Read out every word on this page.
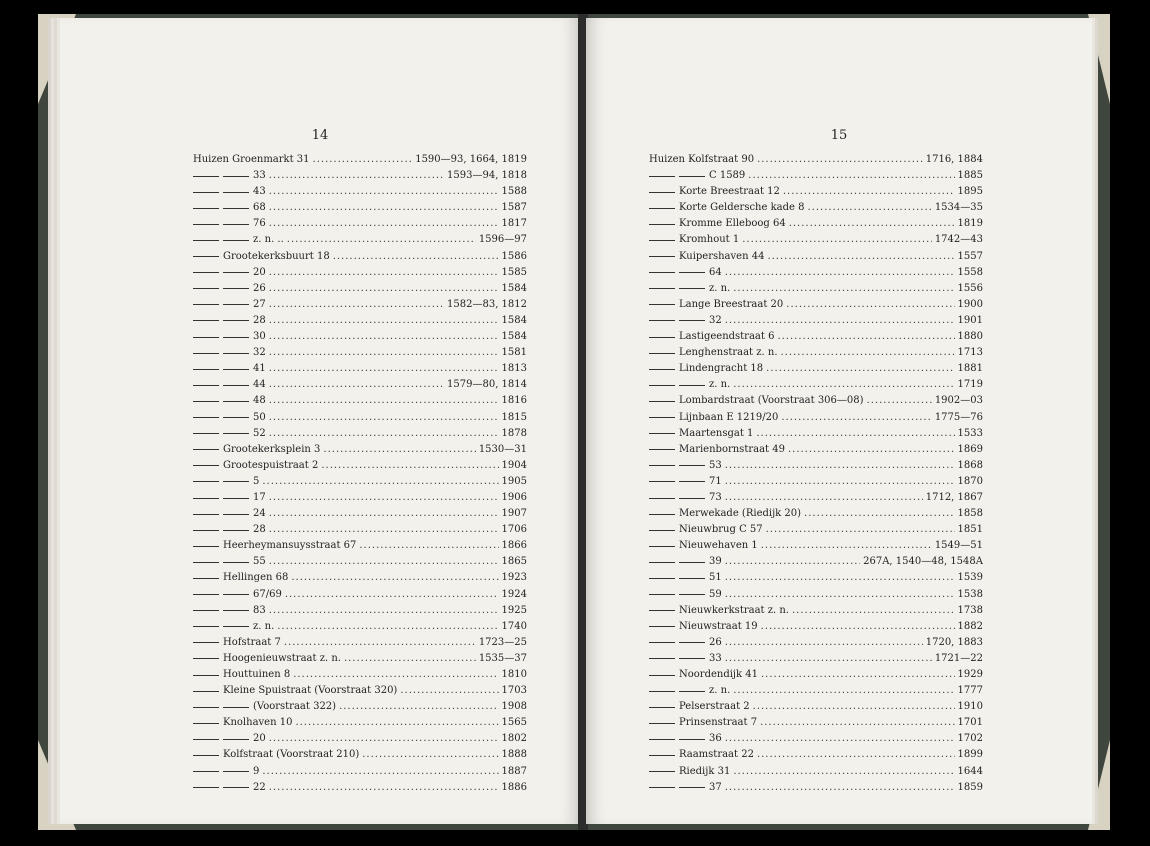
14
Huizen Groenmarkt 31 .....	1590—93, 1664, 1819
33 .....	1593—94, 1818
43 .....	1588
68 .....	1587
76 .....	1817
z. n. .. .....	1596—97
Grootekerksbuurt 18 .....	1586
20 .....	1585
26 .....	1584
27 .....	1582—83, 1812
28 .....	1584
30 .....	1584
32 .....	1581
41 .....	1813
44 .....	1579—80, 1814
48 .....	1816
50 .....	1815
52 .....	1878
Grootekerksplein 3 .....	1530—31
Grootespuistraat 2 .....	1904
5 .....	1905
17 .....	1906
24 .....	1907
28 .....	1706
Heerheymansuysstraat 67 .....	1866
55 .....	1865
Hellingen 68 .....	1923
67/69 .....	1924
83 .....	1925
z. n. .....	1740
Hofstraat 7 .....	1723—25
Hoogenieuwstraat z. n. .....	1535—37
Houttuinen 8 .....	1810
Kleine Spuistraat (Voorstraat 320) .....	1703
(Voorstraat 322) .....	1908
Knolhaven 10 .....	1565
20 .....	1802
Kolfstraat (Voorstraat 210) .....	1888
9 .....	1887
22 .....	1886
15
Huizen Kolfstraat 90 .....	1716, 1884
C 1589 .....	1885
Korte Breestraat 12 .....	1895
Korte Geldersche kade 8 .....	1534—35
Kromme Elleboog 64 .....	1819
Kromhout 1 .....	1742—43
Kuipershaven 44 .....	1557
64 .....	1558
z. n. .....	1556
Lange Breestraat 20 .....	1900
32 .....	1901
Lastigeendstraat 6 .....	1880
Lenghenstraat z. n. .....	1713
Lindengracht 18 .....	1881
z. n. .....	1719
Lombardstraat (Voorstraat 306—08) .....	1902—03
Lijnbaan E 1219/20 .....	1775—76
Maartensgat 1 .....	1533
Marienbornstraat 49 .....	1869
53 .....	1868
71 .....	1870
73 .....	1712, 1867
Merwekade (Riedijk 20) .....	1858
Nieuwbrug C 57 .....	1851
Nieuwehaven 1 .....	1549—51
39 .....	267A, 1540—48, 1548A
51 .....	1539
59 .....	1538
Nieuwkerkstraat z. n. .....	1738
Nieuwstraat 19 .....	1882
26 .....	1720, 1883
33 .....	1721—22
Noordendijk 41 .....	1929
z. n. .....	1777
Pelserstraat 2 .....	1910
Prinsenstraat 7 .....	1701
36 .....	1702
Raamstraat 22 .....	1899
Riedijk 31 .....	1644
37 .....	1859
